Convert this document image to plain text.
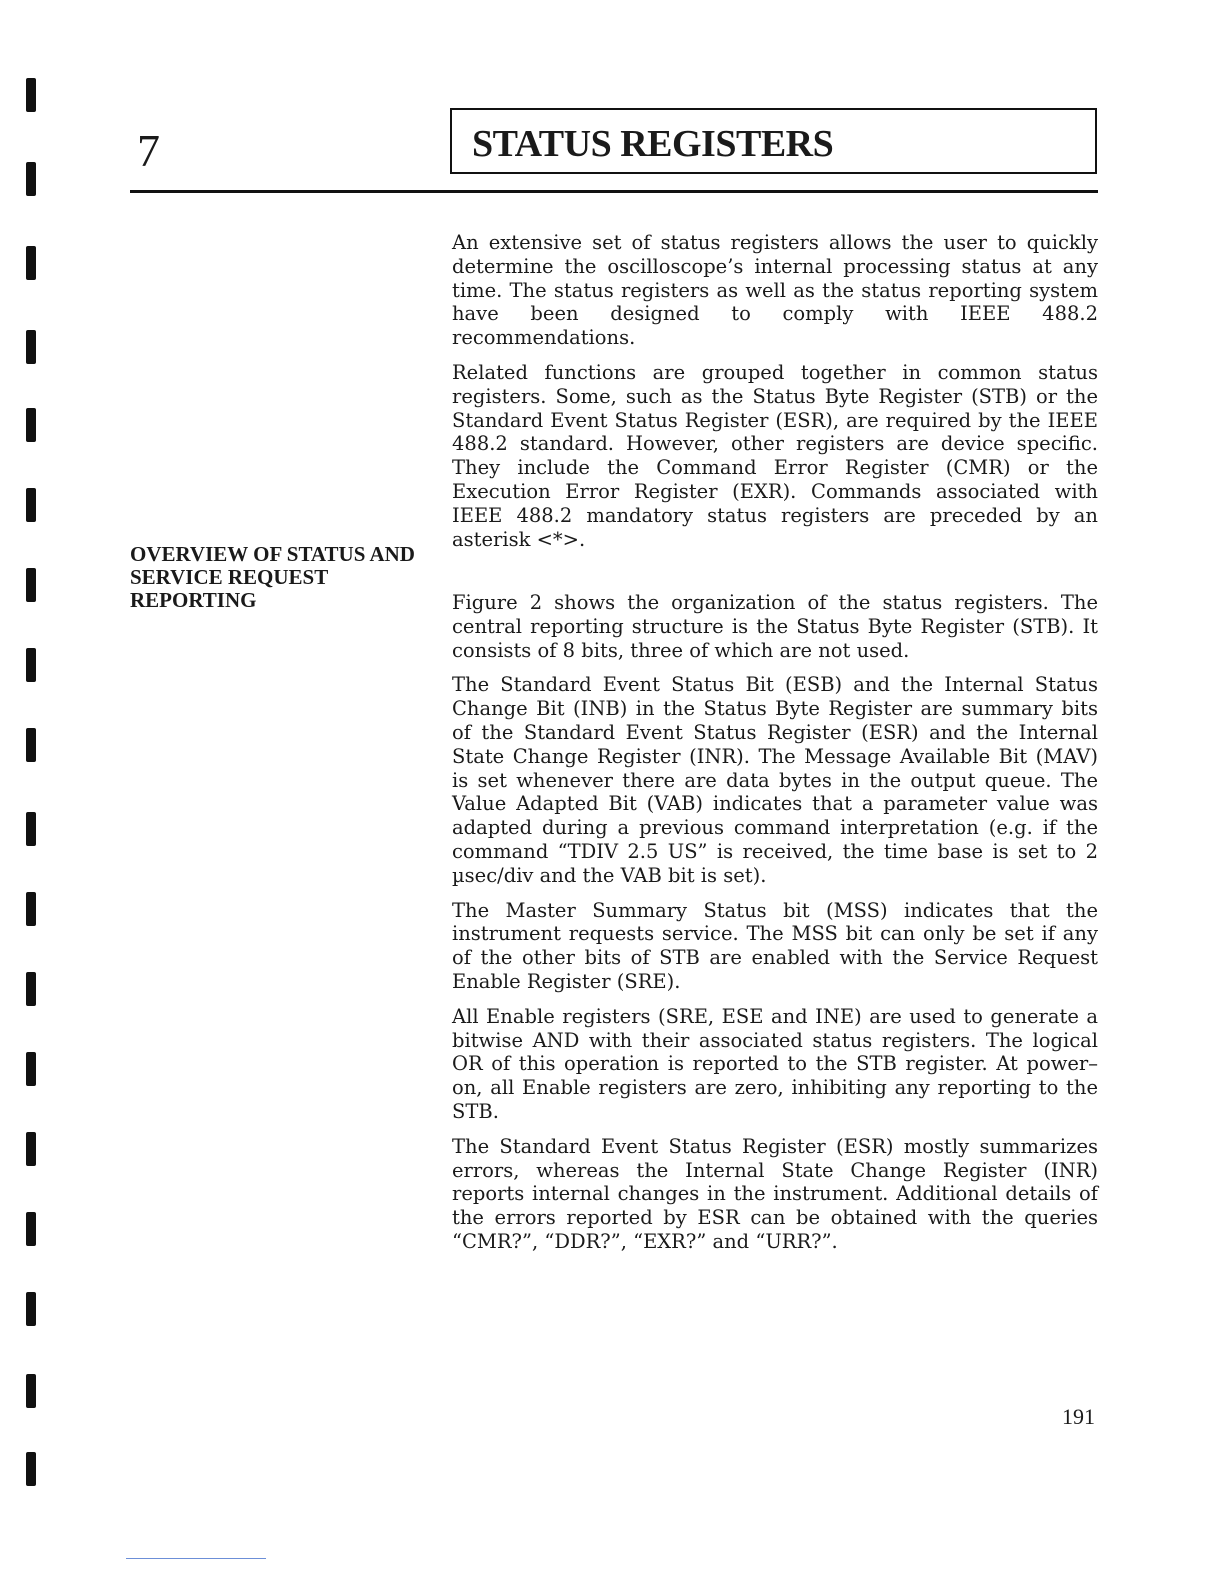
7	STATUS REGISTERS

An extensive set of status registers allows the user to quickly determine the oscilloscope’s internal processing status at any time. The status registers as well as the status reporting system have been designed to comply with IEEE 488.2 recommendations.

Related functions are grouped together in common status registers. Some, such as the Status Byte Register (STB) or the Standard Event Status Register (ESR), are required by the IEEE 488.2 standard. However, other registers are device specific. They include the Command Error Register (CMR) or the Execution Error Register (EXR). Commands associated with IEEE 488.2 mandatory status registers are preceded by an asterisk <*>.

OVERVIEW OF STATUS AND SERVICE REQUEST REPORTING	Figure 2 shows the organization of the status registers. The central reporting structure is the Status Byte Register (STB). It consists of 8 bits, three of which are not used.

The Standard Event Status Bit (ESB) and the Internal Status Change Bit (INB) in the Status Byte Register are summary bits of the Standard Event Status Register (ESR) and the Internal State Change Register (INR). The Message Available Bit (MAV) is set whenever there are data bytes in the output queue. The Value Adapted Bit (VAB) indicates that a parameter value was adapted during a previous command interpretation (e.g. if the command “TDIV 2.5 US” is received, the time base is set to 2 µsec/div and the VAB bit is set).

The Master Summary Status bit (MSS) indicates that the instrument requests service. The MSS bit can only be set if any of the other bits of STB are enabled with the Service Request Enable Register (SRE).

All Enable registers (SRE, ESE and INE) are used to generate a bitwise AND with their associated status registers. The logical OR of this operation is reported to the STB register. At power–on, all Enable registers are zero, inhibiting any reporting to the STB.

The Standard Event Status Register (ESR) mostly summarizes errors, whereas the Internal State Change Register (INR) reports internal changes in the instrument. Additional details of the errors reported by ESR can be obtained with the queries “CMR?”, “DDR?”, “EXR?” and “URR?”.

191
